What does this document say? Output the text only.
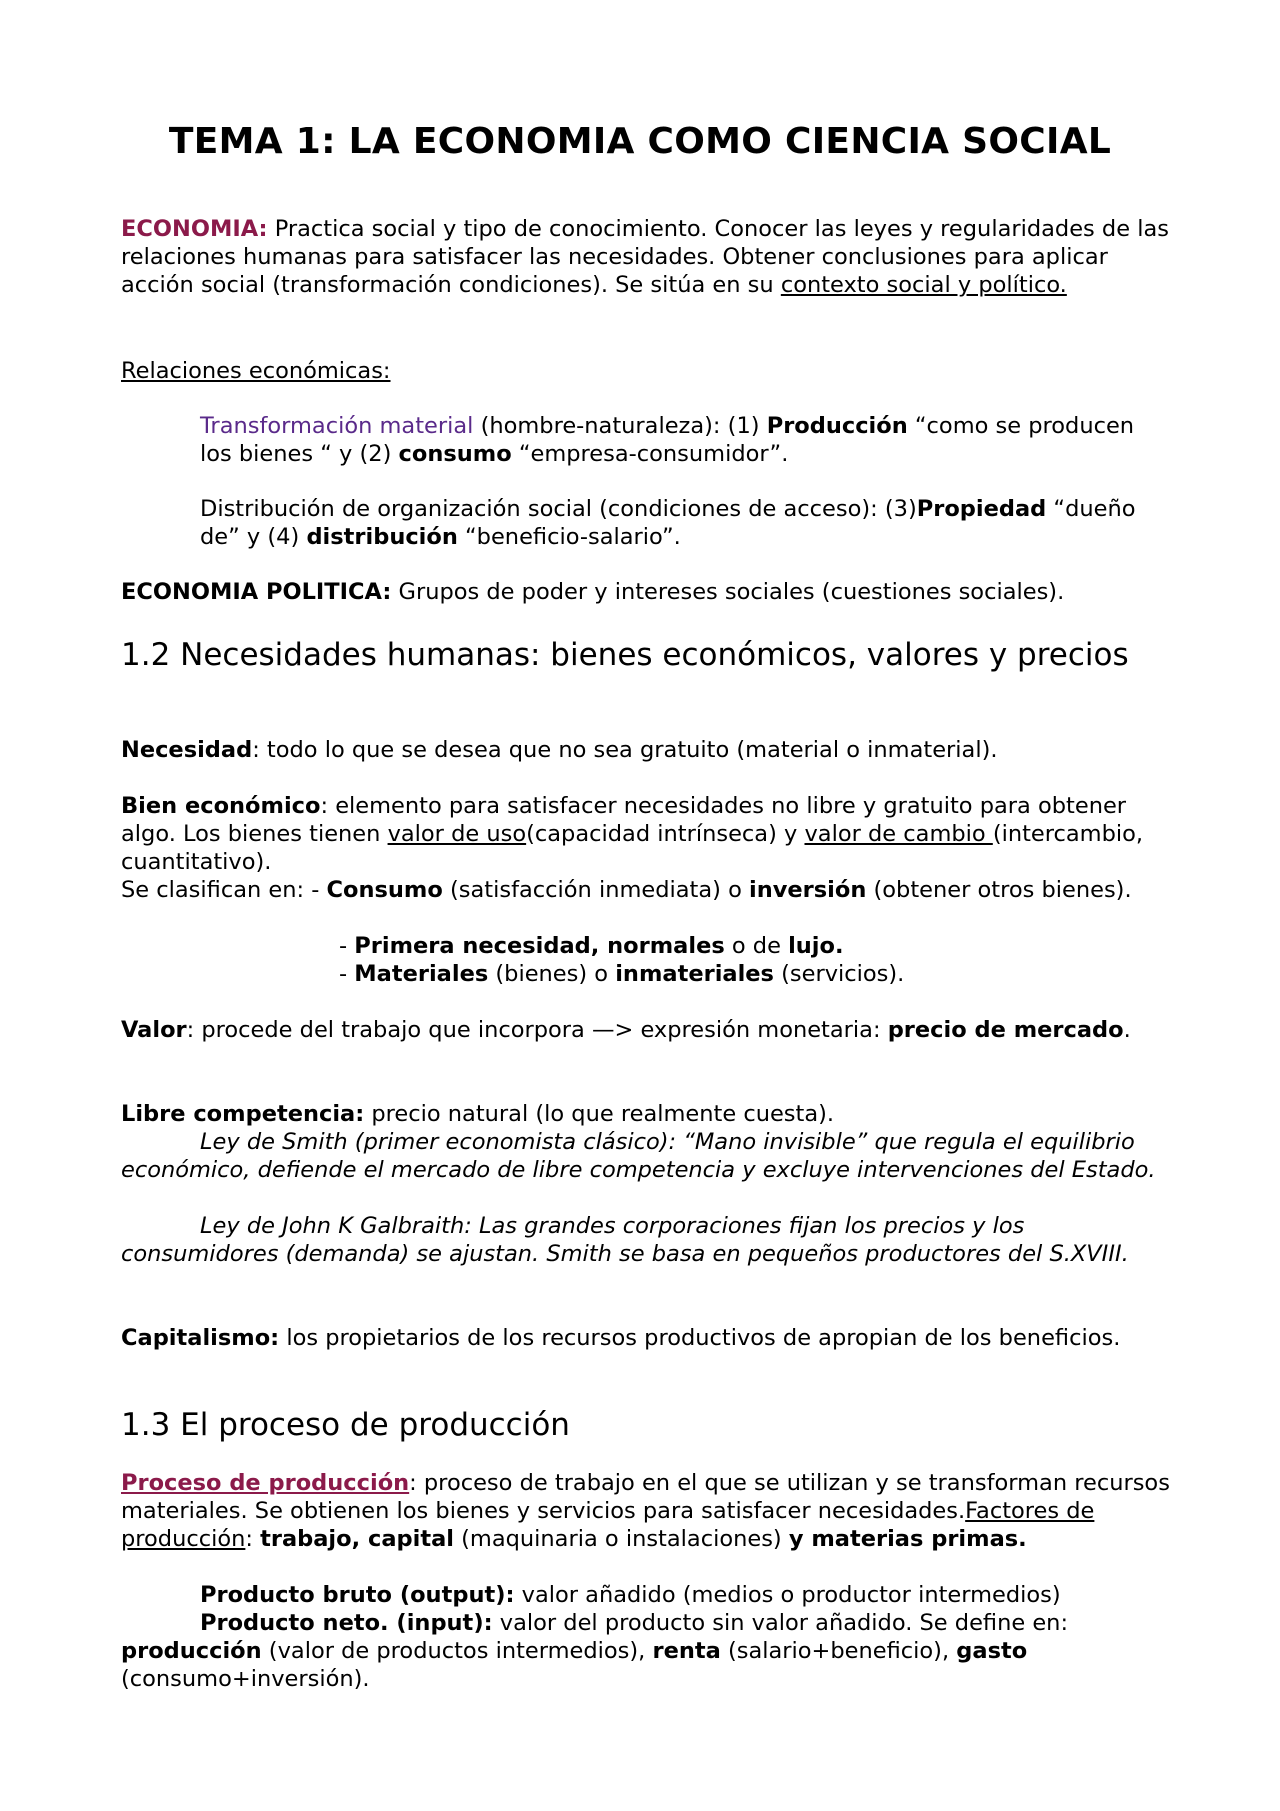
TEMA 1: LA ECONOMIA COMO CIENCIA SOCIAL

ECONOMIA: Practica social y tipo de conocimiento. Conocer las leyes y regularidades de las relaciones humanas para satisfacer las necesidades. Obtener conclusiones para aplicar acción social (transformación condiciones). Se sitúa en su contexto social y político.

Relaciones económicas:

Transformación material (hombre-naturaleza): (1) Producción “como se producen los bienes “ y (2) consumo “empresa-consumidor”.

Distribución de organización social (condiciones de acceso): (3)Propiedad “dueño de” y (4) distribución “beneficio-salario”.

ECONOMIA POLITICA: Grupos de poder y intereses sociales (cuestiones sociales).

1.2 Necesidades humanas: bienes económicos, valores y precios

Necesidad: todo lo que se desea que no sea gratuito (material o inmaterial).

Bien económico: elemento para satisfacer necesidades no libre y gratuito para obtener algo. Los bienes tienen valor de uso(capacidad intrínseca) y valor de cambio (intercambio, cuantitativo).

Se clasifican en: - Consumo (satisfacción inmediata) o inversión (obtener otros bienes).

- Primera necesidad, normales o de lujo.

- Materiales (bienes) o inmateriales (servicios).

Valor: procede del trabajo que incorpora —> expresión monetaria: precio de mercado.

Libre competencia: precio natural (lo que realmente cuesta).

Ley de Smith (primer economista clásico): “Mano invisible” que regula el equilibrio económico, defiende el mercado de libre competencia y excluye intervenciones del Estado.

Ley de John K Galbraith: Las grandes corporaciones fijan los precios y los consumidores (demanda) se ajustan. Smith se basa en pequeños productores del S.XVIII.

Capitalismo: los propietarios de los recursos productivos de apropian de los beneficios.

1.3 El proceso de producción

Proceso de producción: proceso de trabajo en el que se utilizan y se transforman recursos materiales. Se obtienen los bienes y servicios para satisfacer necesidades.Factores de producción: trabajo, capital (maquinaria o instalaciones) y materias primas.

Producto bruto (output): valor añadido (medios o productor intermedios)

Producto neto. (input): valor del producto sin valor añadido. Se define en: producción (valor de productos intermedios), renta (salario+beneficio), gasto (consumo+inversión).
